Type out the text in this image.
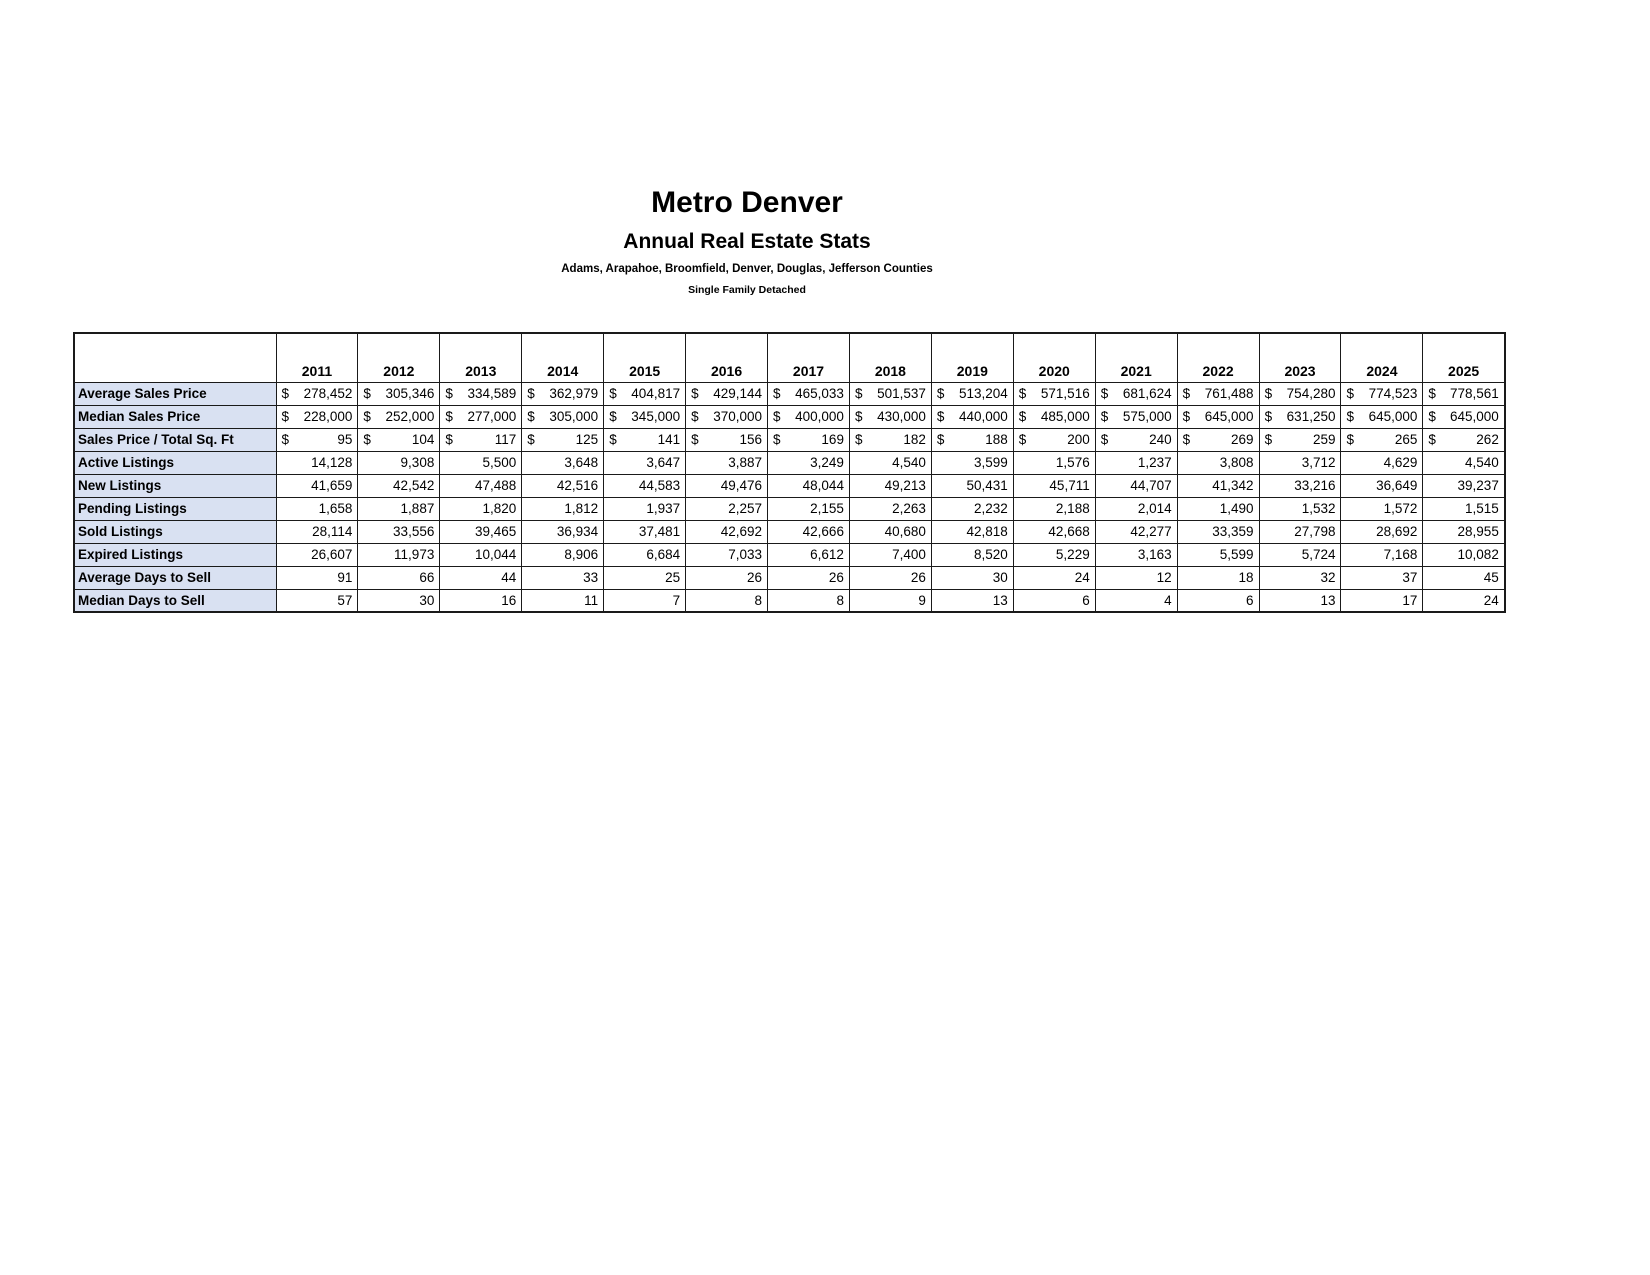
Metro Denver
Annual Real Estate Stats

Adams, Arapahoe, Broomfield, Denver, Douglas, Jefferson Counties

Single Family Detached

	2011	2012	2013	2014	2015	2016	2017	2018	2019	2020	2021	2022	2023	2024	2025
Average Sales Price	$ 278,452	$ 305,346	$ 334,589	$ 362,979	$ 404,817	$ 429,144	$ 465,033	$ 501,537	$ 513,204	$ 571,516	$ 681,624	$ 761,488	$ 754,280	$ 774,523	$ 778,561

Median Sales Price	$ 228,000	$ 252,000	$ 277,000	$ 305,000	$ 345,000	$ 370,000	$ 400,000	$ 430,000	$ 440,000	$ 485,000	$ 575,000	$ 645,000	$ 631,250	$ 645,000	$ 645,000

Sales Price / Total Sq. Ft	$ 95	$ 104	$ 117	$ 125	$ 141	$ 156	$ 169	$ 182	$ 188	$ 200	$ 240	$ 269	$ 259	$ 265	$ 262

Active Listings	14,128	9,308	5,500	3,648	3,647	3,887	3,249	4,540	3,599	1,576	1,237	3,808	3,712	4,629	4,540
New Listings	41,659	42,542	47,488	42,516	44,583	49,476	48,044	49,213	50,431	45,711	44,707	41,342	33,216	36,649	39,237
Pending Listings	1,658	1,887	1,820	1,812	1,937	2,257	2,155	2,263	2,232	2,188	2,014	1,490	1,532	1,572	1,515
Sold Listings	28,114	33,556	39,465	36,934	37,481	42,692	42,666	40,680	42,818	42,668	42,277	33,359	27,798	28,692	28,955
Expired Listings	26,607	11,973	10,044	8,906	6,684	7,033	6,612	7,400	8,520	5,229	3,163	5,599	5,724	7,168	10,082
Average Days to Sell	91	66	44	33	25	26	26	26	30	24	12	18	32	37	45
Median Days to Sell	57	30	16	11	7	8	8	9	13	6	4	6	13	17	24
